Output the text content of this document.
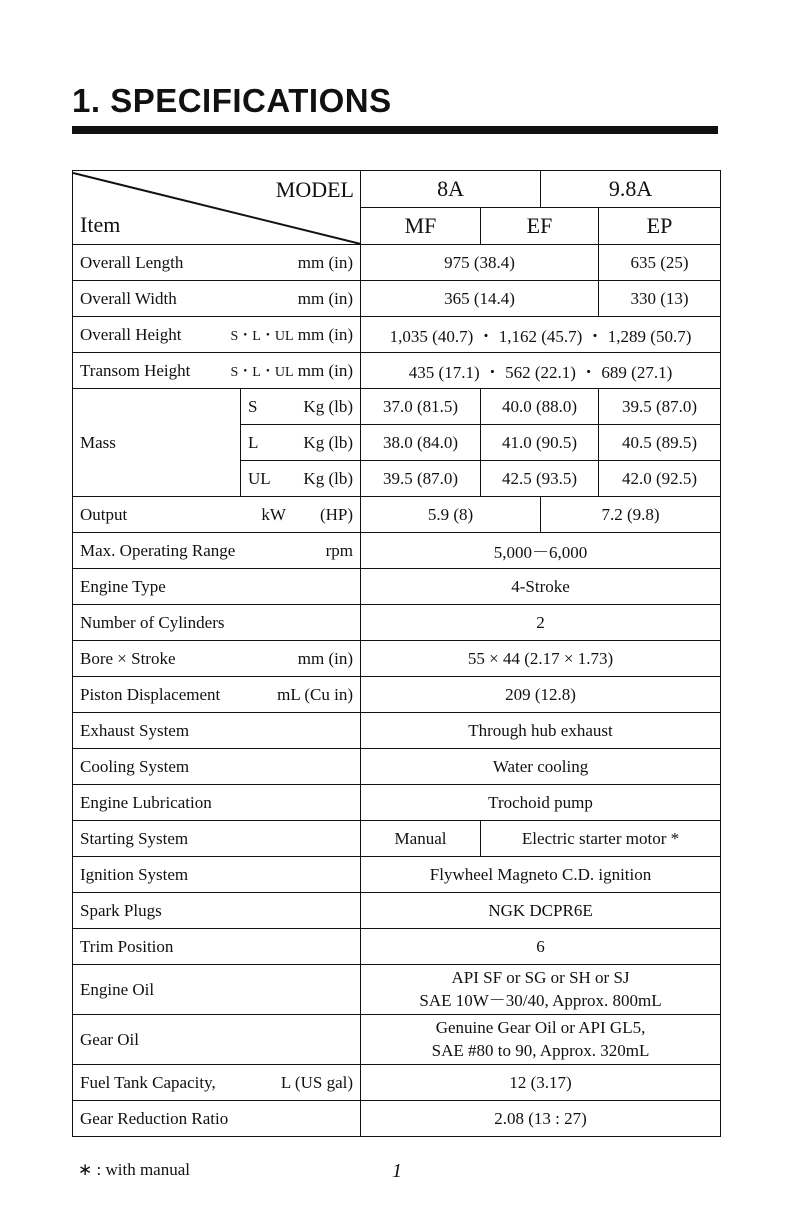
1. SPECIFICATIONS
MODEL
Item		8A		9.8A	
		MF	EF		EP

Overall Length mm (in)		975 (38.4)			635 (25)

Overall Width mm (in)		365 (14.4)			330 (13)

Overall Height S・L・UL mm (in)		1,035 (40.7) ・ 1,162 (45.7) ・ 1,289 (50.7)			

Transom Height S・L・UL mm (in)		435 (17.1) ・ 562 (22.1) ・ 689 (27.1)			
Mass	S Kg (lb)	37.0 (81.5)	40.0 (88.0)		39.5 (87.0)

	L Kg (lb)	38.0 (84.0)	41.0 (90.5)		40.5 (89.5)

	UL Kg (lb)	39.5 (87.0)	42.5 (93.5)		42.0 (92.5)

Output kW (HP)		5.9 (8)		7.2 (9.8)	

Max. Operating Range rpm		5,000－6,000			
Engine Type		4-Stroke			
Number of Cylinders		2			

Bore × Stroke mm (in)		55 × 44 (2.17 × 1.73)			

Piston Displacement mL (Cu in)		209 (12.8)			
Exhaust System		Through hub exhaust			
Cooling System		Water cooling			
Engine Lubrication		Trochoid pump			
Starting System		Manual	Electric starter motor *		
Ignition System		Flywheel Magneto C.D. ignition			
Spark Plugs		NGK DCPR6E			
Trim Position		6			
Engine Oil		API SF or SG or SH or SJ
SAE 10W－30/40, Approx. 800mL			

Gear Oil		Genuine Gear Oil or API GL5,
SAE #80 to 90, Approx. 320mL			

Fuel Tank Capacity, L (US gal)		12 (3.17)			
Gear Reduction Ratio		2.08 (13 : 27)			
∗ : with manual	1
